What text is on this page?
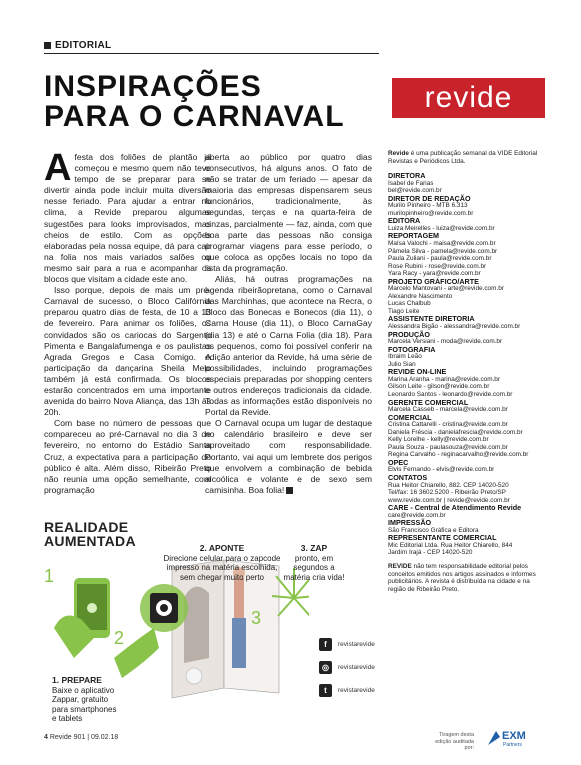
EDITORIAL
INSPIRAÇÕES
PARA O CARNAVAL

Afesta dos foliões de plantão já começou e mesmo quem não teve tempo de se preparar para se divertir ainda pode incluir muita diversão nesse feriado. Para ajudar a entrar no clima, a Revide preparou algumas sugestões para looks improvisados, mas cheios de estilo. Com as opções elaboradas pela nossa equipe, dá para cair na folia nos mais variados salões ou mesmo sair para a rua e acompanhar os blocos que visitam a cidade este ano.

Isso porque, depois de mais um pré-Carnaval de sucesso, o Bloco Califórnia preparou quatro dias de festa, de 10 a 13 de fevereiro. Para animar os foliões, os convidados são os cariocas do Sargento Pimenta e Bangalafumenga e os paulistas Agrada Gregos e Casa Comigo. A participação da dançarina Sheila Melo também já está confirmada. Os blocos estarão concentrados em uma importante avenida do bairro Nova Aliança, das 13h às 20h.

Com base no número de pessoas que compareceu ao pré-Carnaval no dia 3 de fevereiro, no entorno do Estádio Santa Cruz, a expectativa para a participação do público é alta. Além disso, Ribeirão Preto não reunia uma opção semelhante, com programação

aberta ao público por quatro dias consecutivos, há alguns anos. O fato de não se tratar de um feriado — apesar da maioria das empresas dispensarem seus funcionários, tradicionalmente, às segundas, terças e na quarta-feira de cinzas, parcialmente — faz, ainda, com que boa parte das pessoas não consiga programar viagens para esse período, o que coloca as opções locais no topo da lista da programação.

Aliás, há outras programações na agenda ribeirãopretana, como o Carnaval das Marchinhas, que acontece na Recra, o Bloco das Bonecas e Bonecos (dia 11), o Carna House (dia 11), o Bloco CarnaGay (dia 13) e até o Carna Folia (dia 18). Para os pequenos, como foi possível conferir na edição anterior da Revide, há uma série de possibilidades, incluindo programações especiais preparadas por shopping centers e outros endereços tradicionais da cidade. Todas as informações estão disponíveis no Portal da Revide.

O Carnaval ocupa um lugar de destaque no calendário brasileiro e deve ser aproveitado com responsabilidade. Portanto, vai aqui um lembrete dos perigos que envolvem a combinação de bebida alcoólica e volante e de sexo sem camisinha. Boa folia!

REALIDADE
AUMENTADA
1
2
3
1. PREPARE
Baixe o aplicativo
Zappar, gratuito
para smartphones
e tablets
2. APONTE
Direcione celular para o zapcode
impresso na matéria escolhida,
sem chegar muito perto
3. ZAP
pronto, em
segundos a
matéria cria vida!
f	revistarevide
◎	revistarevide
t	revistarevide
revide
Revide é uma publicação semanal da VIDE Editorial Revistas e Periódicos Ltda.
DIRETORA
Isabel de Farias
bel@revide.com.br
DIRETOR DE REDAÇÃO
Murilo Pinheiro - MTB 6.313
murilopinheiro@revide.com.br
EDITORA
Luiza Meirelles - luiza@revide.com.br
REPORTAGEM
Maísa Valochi - maisa@revide.com.br
Pâmela Silva - pamela@revide.com.br
Paula Zuliani - paula@revide.com.br
Rose Rubini - rose@revide.com.br
Yara Racy - yara@revide.com.br
PROJETO GRÁFICO/ARTE
Marcelo Mantovani - arte@revide.com.br
Alexandre Nascimento
Lucas Chalbub
Tiago Leite
ASSISTENTE DIRETORIA
Alessandra Bigão - alessandra@revide.com.br
PRODUÇÃO
Marcela Versiani - moda@revide.com.br
FOTOGRAFIA
Ibraim Leão
Julio Sian
REVIDE ON-LINE
Marina Aranha - marina@revide.com.br
Gilson Leite - gilson@revide.com.br
Leonardo Santos - leonardo@revide.com.br
GERENTE COMERCIAL
Marcela Casseb - marcela@revide.com.br
COMERCIAL
Cristina Cattarelli - cristina@revide.com.br
Daniela Fréscia - danielafrescia@revide.com.br
Kelly Lorelhe - kelly@revide.com.br
Paula Souza - paulasouza@revide.com.br
Regina Carvalho - reginacarvalho@revide.com.br
OPEC
Elvis Fernando - elvis@revide.com.br
CONTATOS
Rua Heitor Chiarello, 882. CEP 14020-520
Tel/fax: 16 3602.5200 - Ribeirão Preto/SP
www.revide.com.br | revide@revide.com.br
CARE - Central de Atendimento Revide
care@revide.com.br
IMPRESSÃO
São Francisco Gráfica e Editora
REPRESENTANTE COMERCIAL
Mic Editorial Ltda. Rua Heitor Chiarello, 844
Jardim Irajá - CEP 14020-520
REVIDE não tem responsabilidade editorial pelos conceitos emitidos nos artigos assinados e informes publicitários. A revista é distribuída na cidade e na região de Ribeirão Preto.
Tiragem desta
edição auditada por:
EXM
Partners
4 Revide 901 | 09.02.18
